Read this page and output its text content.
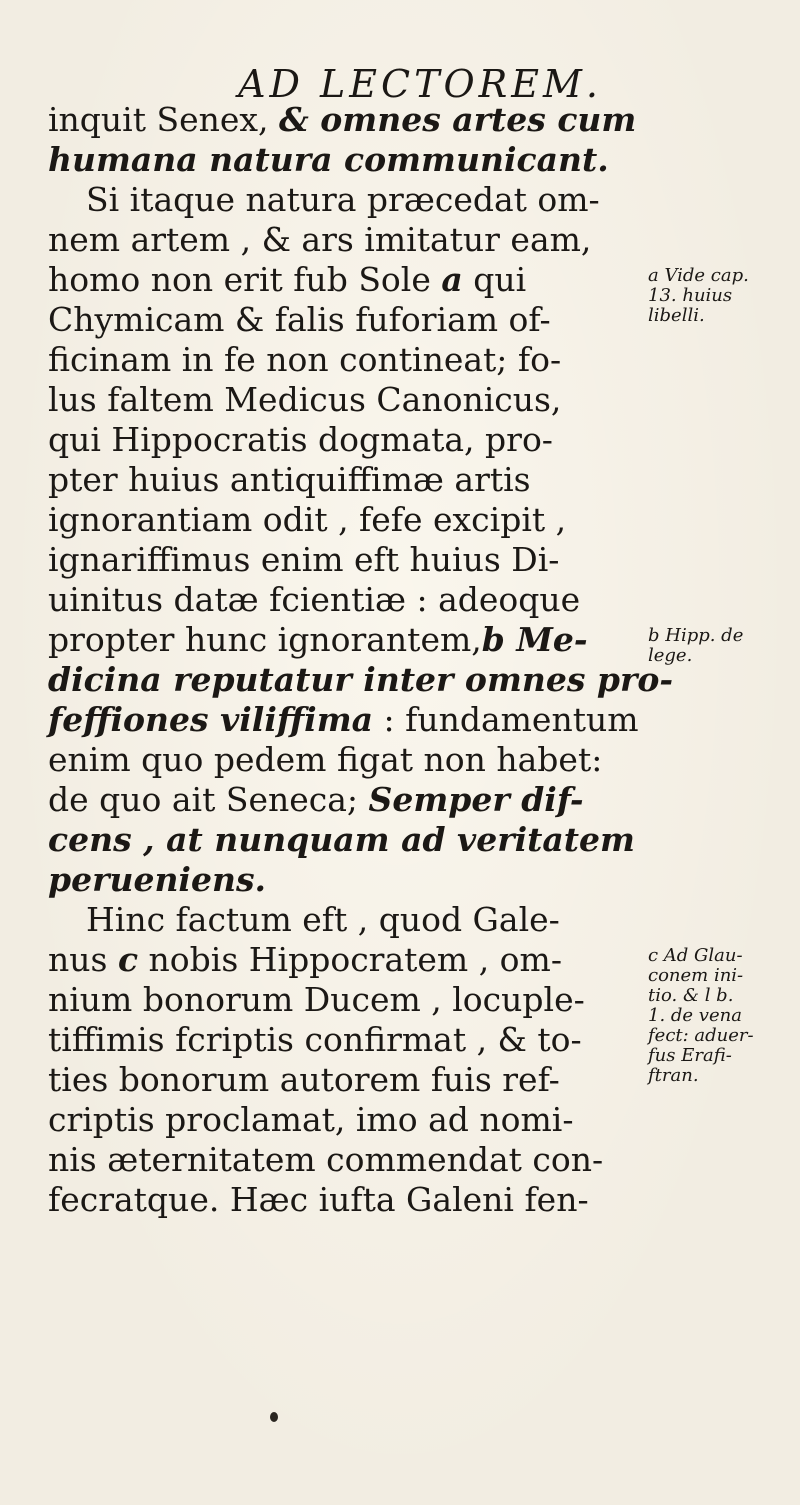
AD LECTOREM.
inquit Senex, & omnes artes cum
humana natura communicant.
Si itaque natura præcedat om-
nem artem , & ars imitatur eam,
homo non erit fub Sole a qui
Chymicam & falis fuforiam of-
ficinam in fe non contineat; fo-
lus faltem Medicus Canonicus,
qui Hippocratis dogmata, pro-
pter huius antiquiffimæ artis
ignorantiam odit , fefe excipit ,
ignariffimus enim eft huius Di-
uinitus datæ fcientiæ : adeoque
propter hunc ignorantem,b Me-
dicina reputatur inter omnes pro-
feffiones viliffima : fundamentum
enim quo pedem figat non habet:
de quo ait Seneca; Semper dif-
cens , at nunquam ad veritatem
perueniens.
Hinc factum eft , quod Gale-
nus c nobis Hippocratem , om-
nium bonorum Ducem , locuple-
tiffimis fcriptis confirmat , & to-
ties bonorum autorem fuis ref-
criptis proclamat, imo ad nomi-
nis æternitatem commendat con-
fecratque. Hæc iufta Galeni fen-
a Vide cap.
13. huius
libelli.
b Hipp. de
lege.
c Ad Glau-
conem ini-
tio. & l b.
1. de vena
fect: aduer-
fus Erafi-
ftran.
